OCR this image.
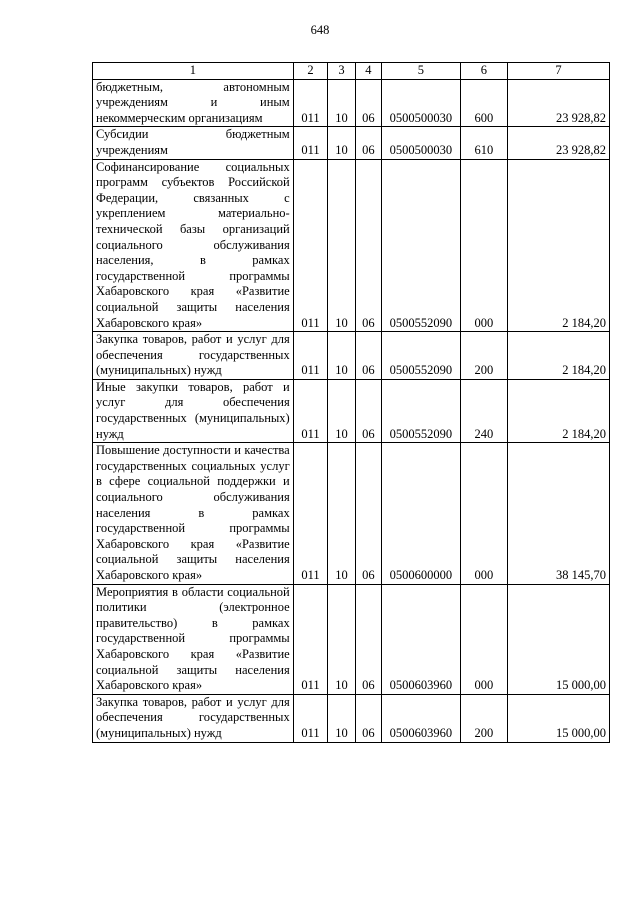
648
1	2	3	4	5	6	7
бюджетным, автономным учреждениям и иным некоммерческим организациям	011	10	06	0500500030	600	23 928,82
Субсидии бюджетным учреждениям	011	10	06	0500500030	610	23 928,82
Софинансирование социальных программ субъектов Российской Федерации, связанных с укреплением материально-технической базы организаций социального обслуживания населения, в рамках государственной программы Хабаровского края «Развитие социальной защиты населения Хабаровского края»	011	10	06	0500552090	000	2 184,20
Закупка товаров, работ и услуг для обеспечения государственных (муниципальных) нужд	011	10	06	0500552090	200	2 184,20
Иные закупки товаров, работ и услуг для обеспечения государственных (муниципальных) нужд	011	10	06	0500552090	240	2 184,20
Повышение доступности и качества государственных социальных услуг в сфере социальной поддержки и социального обслуживания населения в рамках государственной программы Хабаровского края «Развитие социальной защиты населения Хабаровского края»	011	10	06	0500600000	000	38 145,70
Мероприятия в области социальной политики (электронное правительство) в рамках государственной программы Хабаровского края «Развитие социальной защиты населения Хабаровского края»	011	10	06	0500603960	000	15 000,00
Закупка товаров, работ и услуг для обеспечения государственных (муниципальных) нужд	011	10	06	0500603960	200	15 000,00
